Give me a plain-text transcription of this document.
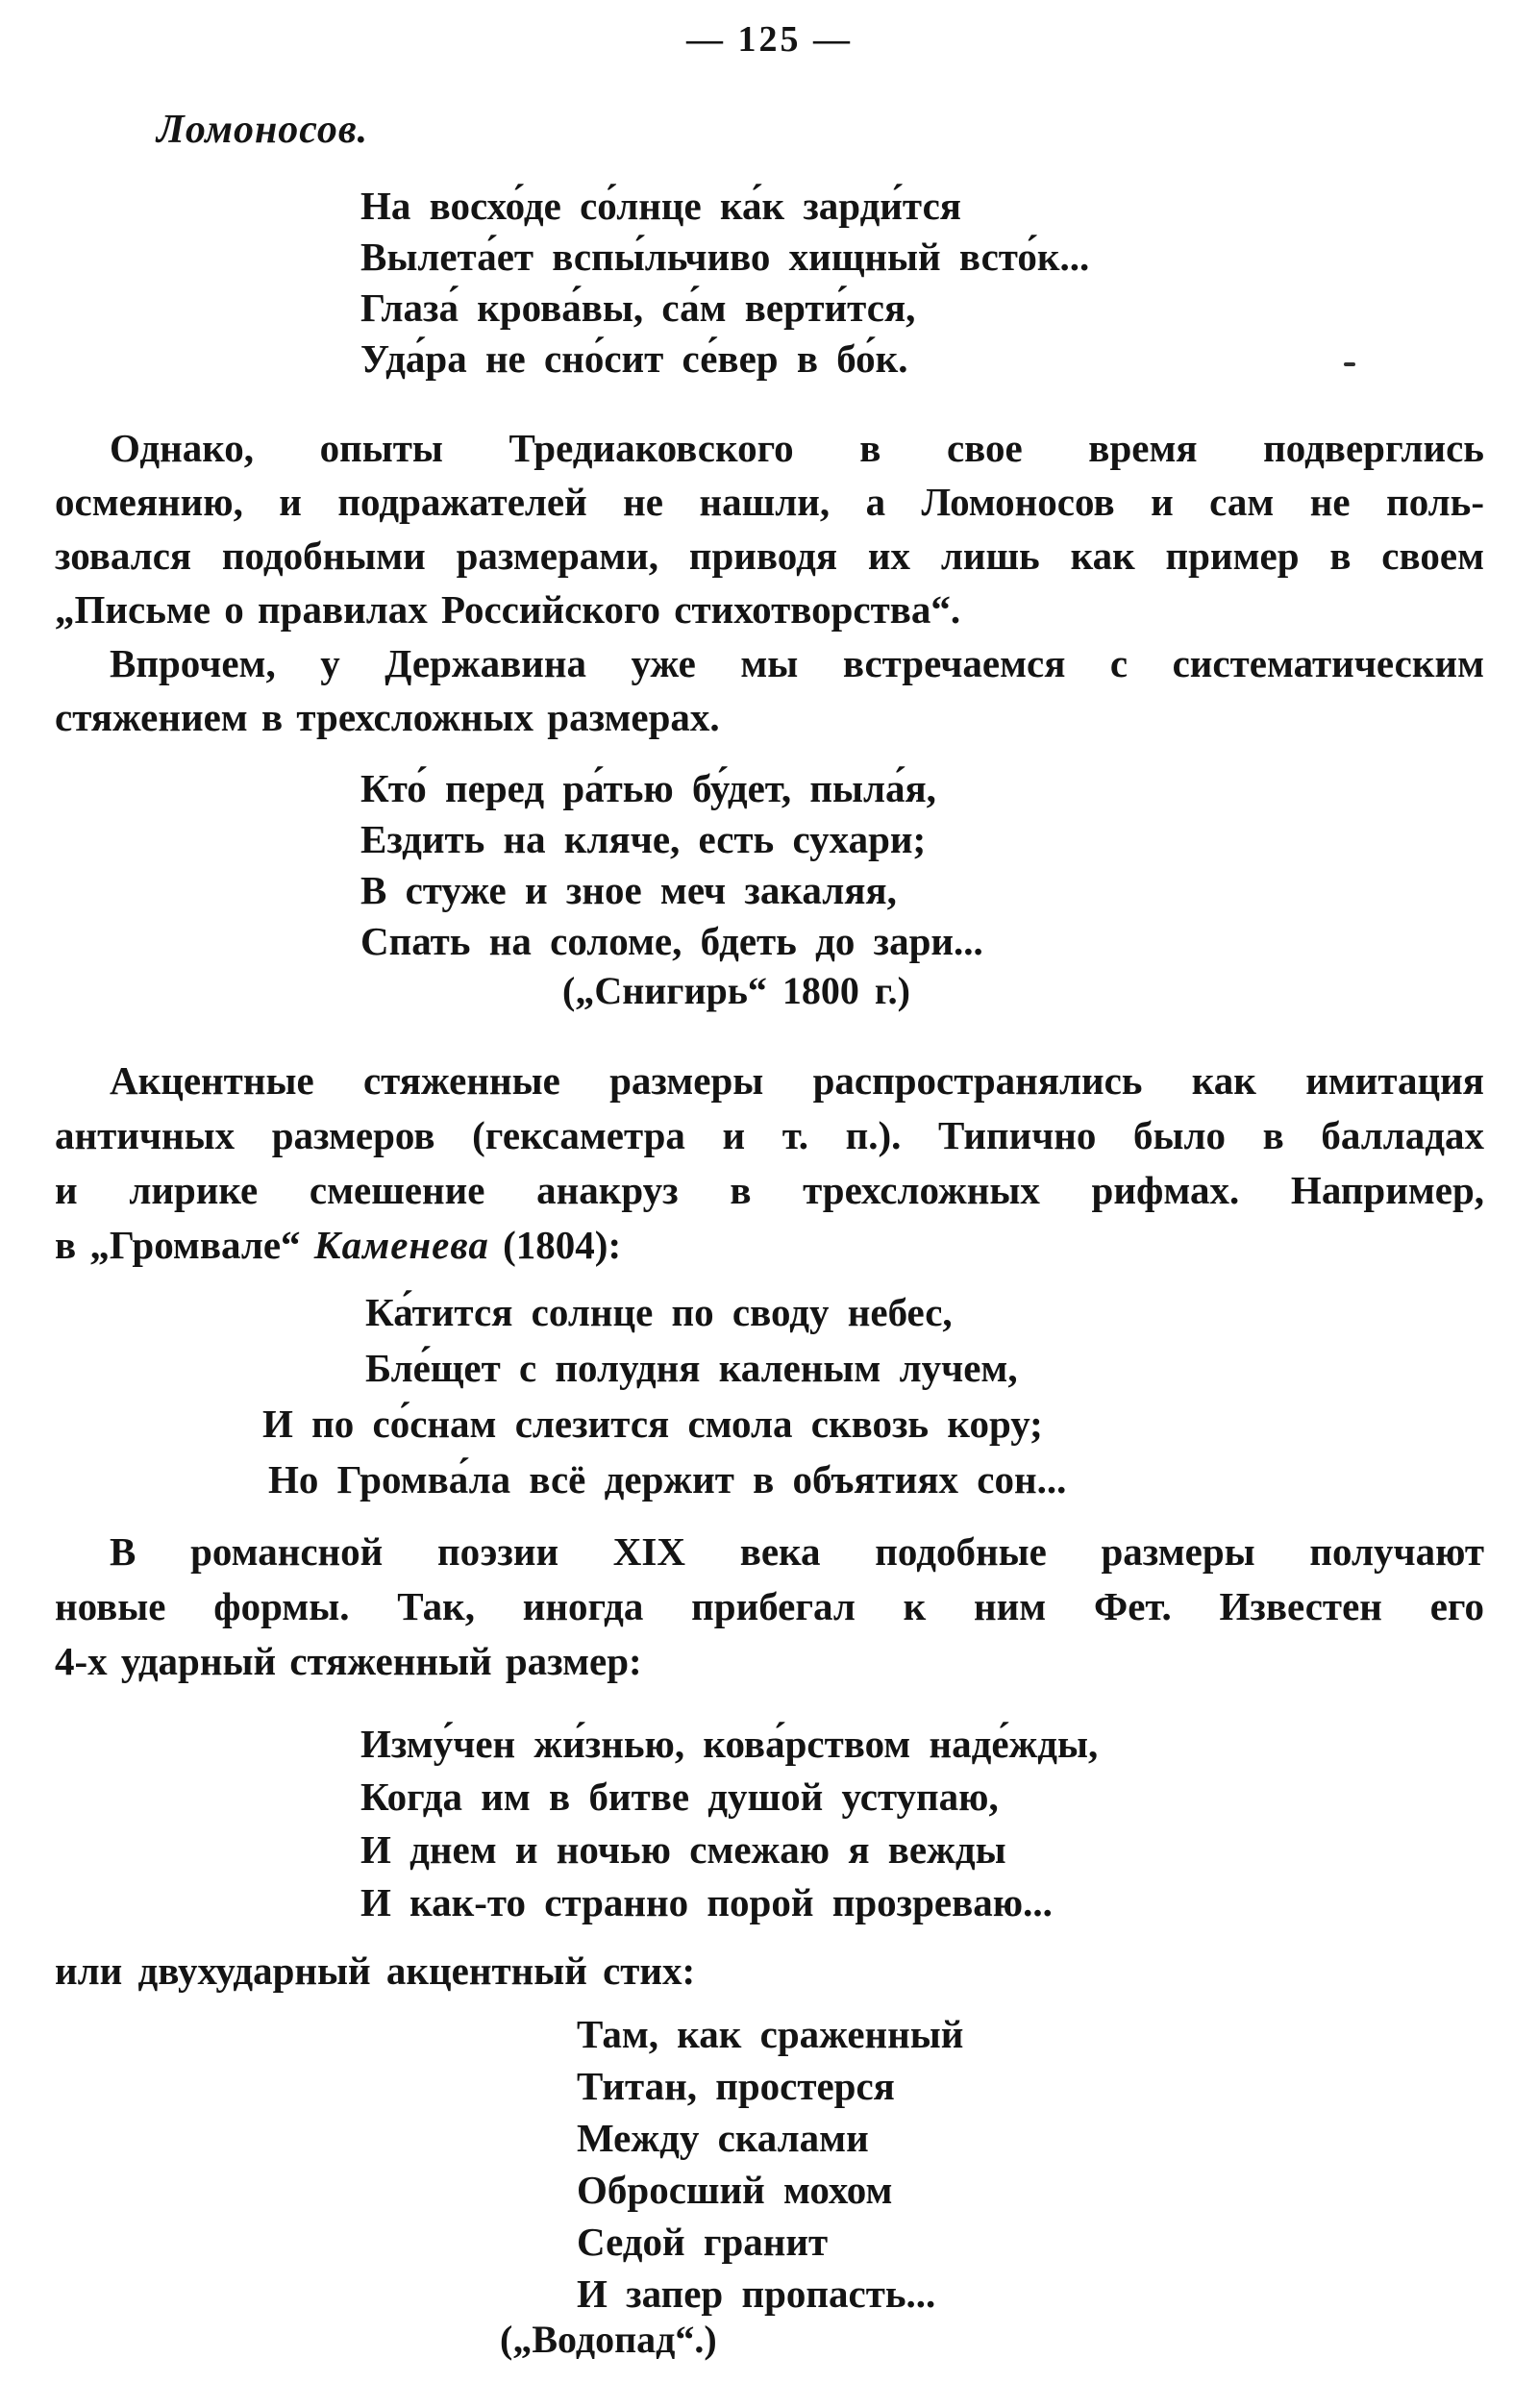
— 125 —
Ломоносов.
На восхо́де со́лнце ка́к зарди́тся
Вылета́ет вспы́льчиво хищный всто́к...
Глаза́ крова́вы, са́м верти́тся,
Уда́ра не сно́сит се́вер в бо́к.
Однако, опыты Тредиаковского в свое время подверглись
осмеянию, и подражателей не нашли, а Ломоносов и сам не поль-
зовался подобными размерами, приводя их лишь как пример в своем
„Письме о правилах Российского стихотворства“.
Впрочем, у Державина уже мы встречаемся с систематическим
стяжением в трехсложных размерах.
Кто́ перед ра́тью бу́дет, пыла́я,
Ездить на кляче, есть сухари;
В стуже и зное меч закаляя,
Спать на соломе, бдеть до зари...
(„Снигирь“ 1800 г.)
Акцентные стяженные размеры распространялись как имитация
античных размеров (гексаметра и т. п.). Типично было в балладах
и лирике смешение анакруз в трехсложных рифмах. Например,
в „Громвале“ Каменева (1804):
Ка́тится солнце по своду небес,
Бле́щет с полудня каленым лучем,
И по со́снам слезится смола сквозь кору;
Но Громва́ла всё держит в объятиях сон...
В романсной поэзии XIX века подобные размеры получают
новые формы. Так, иногда прибегал к ним Фет. Известен его
4-х ударный стяженный размер:
Изму́чен жи́знью, кова́рством наде́жды,
Когда им в битве душой уступаю,
И днем и ночью смежаю я вежды
И как-то странно порой прозреваю...
или двухударный акцентный стих:
Там, как сраженный
Титан, простерся
Между скалами
Обросший мохом
Седой гранит
И запер пропасть...
(„Водопад“.)
